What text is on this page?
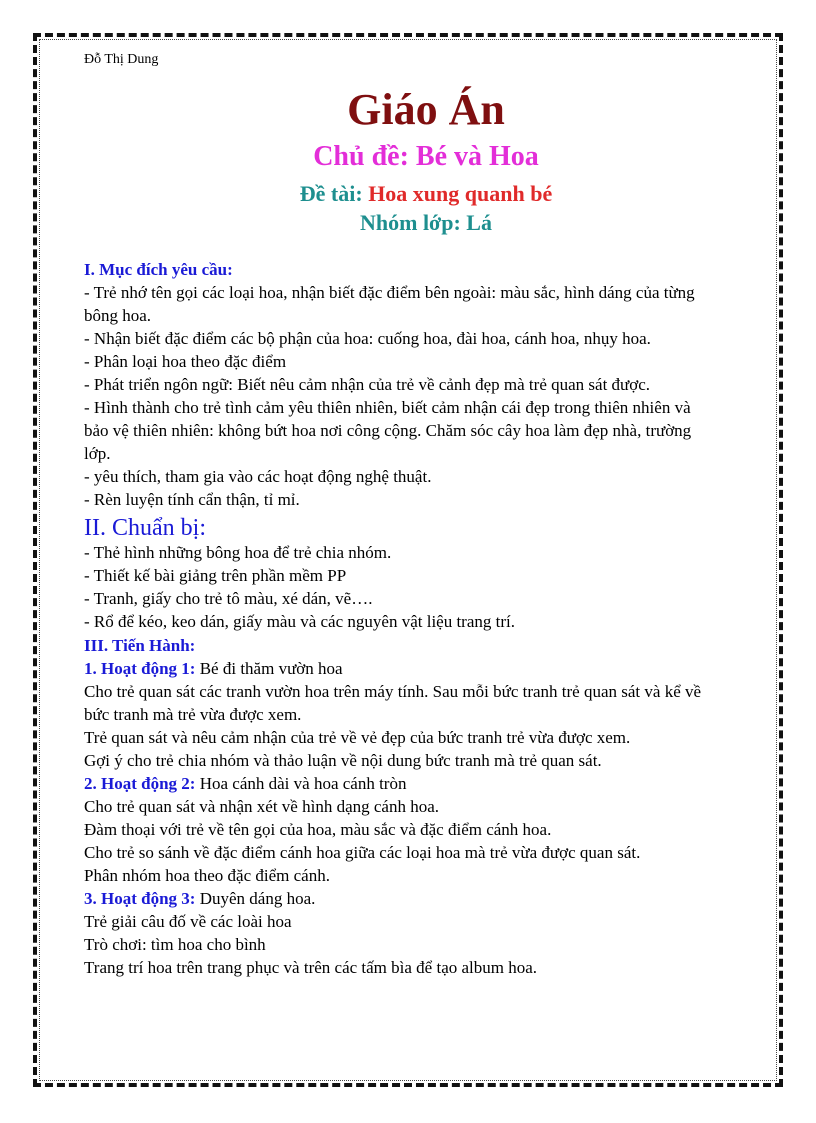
Đỗ Thị Dung

Giáo Án

Chủ đề: Bé và Hoa

Đề tài: Hoa xung quanh bé

Nhóm lớp: Lá

I. Mục đích yêu cầu:

- Trẻ nhớ tên gọi các loại hoa, nhận biết đặc điểm bên ngoài: màu sắc, hình dáng của từng

bông hoa.

- Nhận biết đặc điểm các bộ phận của hoa: cuống hoa, đài hoa, cánh hoa, nhụy hoa.

- Phân loại hoa theo đặc điểm

- Phát triển ngôn ngữ: Biết nêu cảm nhận của trẻ về cảnh đẹp mà trẻ quan sát được.

- Hình thành cho trẻ tình cảm yêu thiên nhiên, biết cảm nhận cái đẹp trong thiên nhiên và

bảo vệ thiên nhiên: không bứt hoa nơi công cộng. Chăm sóc cây hoa làm đẹp nhà, trường

lớp.

- yêu thích, tham gia vào các hoạt động nghệ thuật.

- Rèn luyện tính cẩn thận, tỉ mỉ.

II. Chuẩn bị:

- Thẻ hình những bông hoa để trẻ chia nhóm.

- Thiết kế bài giảng trên phần mềm PP

- Tranh, giấy cho trẻ tô màu, xé dán, vẽ….

- Rổ để kéo, keo dán, giấy màu và các nguyên vật liệu trang trí.

III. Tiến Hành:

1. Hoạt động 1: Bé đi thăm vườn hoa

Cho trẻ quan sát các tranh vườn hoa trên máy tính. Sau mỗi bức tranh trẻ quan sát và kể về

bức tranh mà trẻ vừa được xem.

Trẻ quan sát và nêu cảm nhận của trẻ về vẻ đẹp của bức tranh trẻ vừa được xem.

Gợi ý cho trẻ chia nhóm và thảo luận về nội dung bức tranh mà trẻ quan sát.

2. Hoạt động 2: Hoa cánh dài và hoa cánh tròn

Cho trẻ quan sát và nhận xét về hình dạng cánh hoa.

Đàm thoại với trẻ về tên gọi của hoa, màu sắc và đặc điểm cánh hoa.

Cho trẻ so sánh về đặc điểm cánh hoa giữa các loại hoa mà trẻ vừa được quan sát.

Phân nhóm hoa theo đặc điểm cánh.

3. Hoạt động 3: Duyên dáng hoa.

Trẻ giải câu đố về các loài hoa

Trò chơi: tìm hoa cho bình

Trang trí hoa trên trang phục và trên các tấm bìa để tạo album hoa.
